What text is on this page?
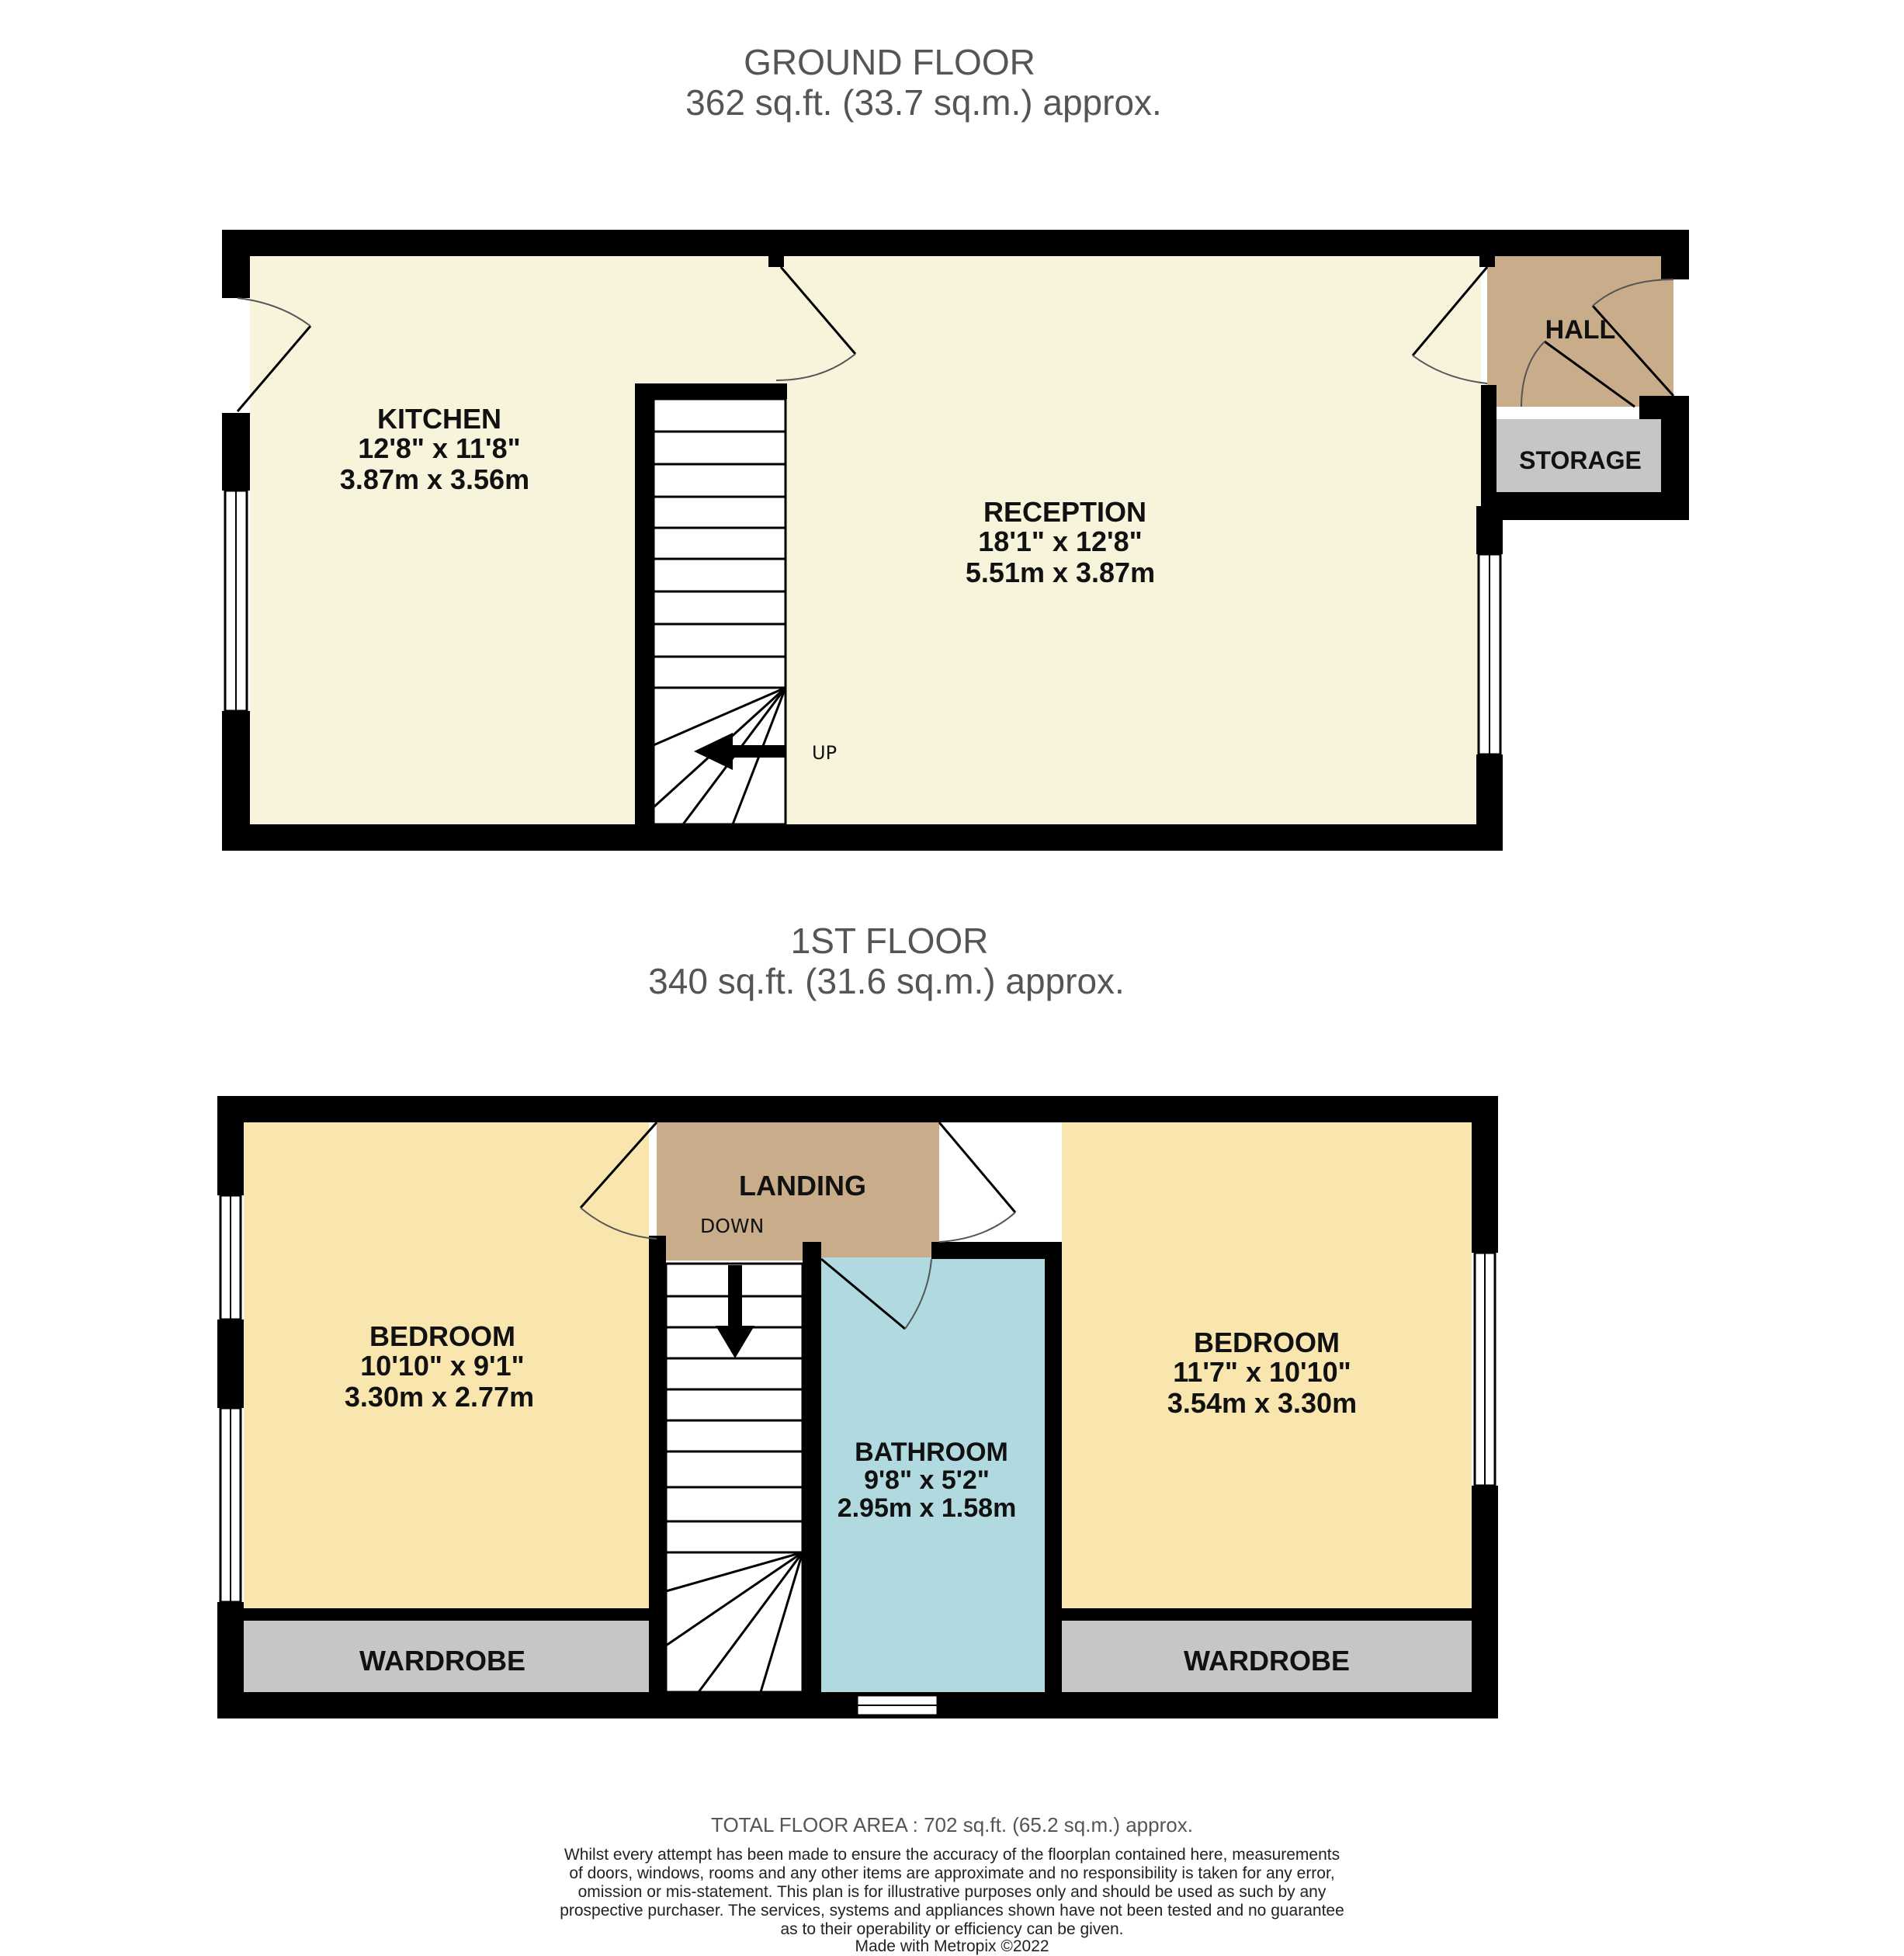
GROUND FLOOR
362 sq.ft. (33.7 sq.m.) approx.
UP
KITCHEN
12'8" x 11'8"
3.87m x 3.56m
RECEPTION
18'1" x 12'8"
5.51m x 3.87m
HALL
STORAGE
1ST FLOOR
340 sq.ft. (31.6 sq.m.) approx.
DOWN
BEDROOM
10'10" x 9'1"
3.30m x 2.77m
LANDING
BATHROOM
9'8" x 5'2"
2.95m x 1.58m
BEDROOM
11'7" x 10'10"
3.54m x 3.30m
WARDROBE	WARDROBE
TOTAL FLOOR AREA : 702 sq.ft. (65.2 sq.m.) approx.
Whilst every attempt has been made to ensure the accuracy of the floorplan contained here, measurements
of doors, windows, rooms and any other items are approximate and no responsibility is taken for any error,
omission or mis-statement. This plan is for illustrative purposes only and should be used as such by any
prospective purchaser. The services, systems and appliances shown have not been tested and no guarantee
as to their operability or efficiency can be given.
Made with Metropix ©2022
